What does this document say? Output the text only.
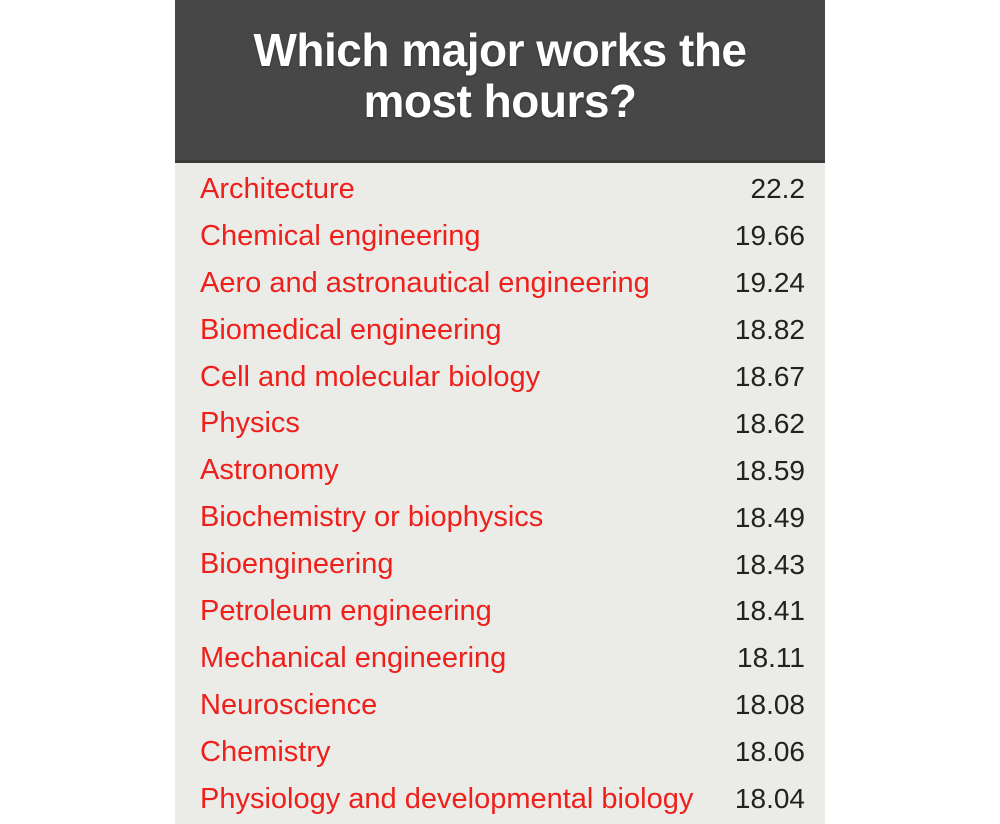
Which major works the most hours?
Architecture	22.2
Chemical engineering	19.66
Aero and astronautical engineering	19.24
Biomedical engineering	18.82
Cell and molecular biology	18.67
Physics	18.62
Astronomy	18.59
Biochemistry or biophysics	18.49
Bioengineering	18.43
Petroleum engineering	18.41
Mechanical engineering	18.11
Neuroscience	18.08
Chemistry	18.06
Physiology and developmental biology 18.04
